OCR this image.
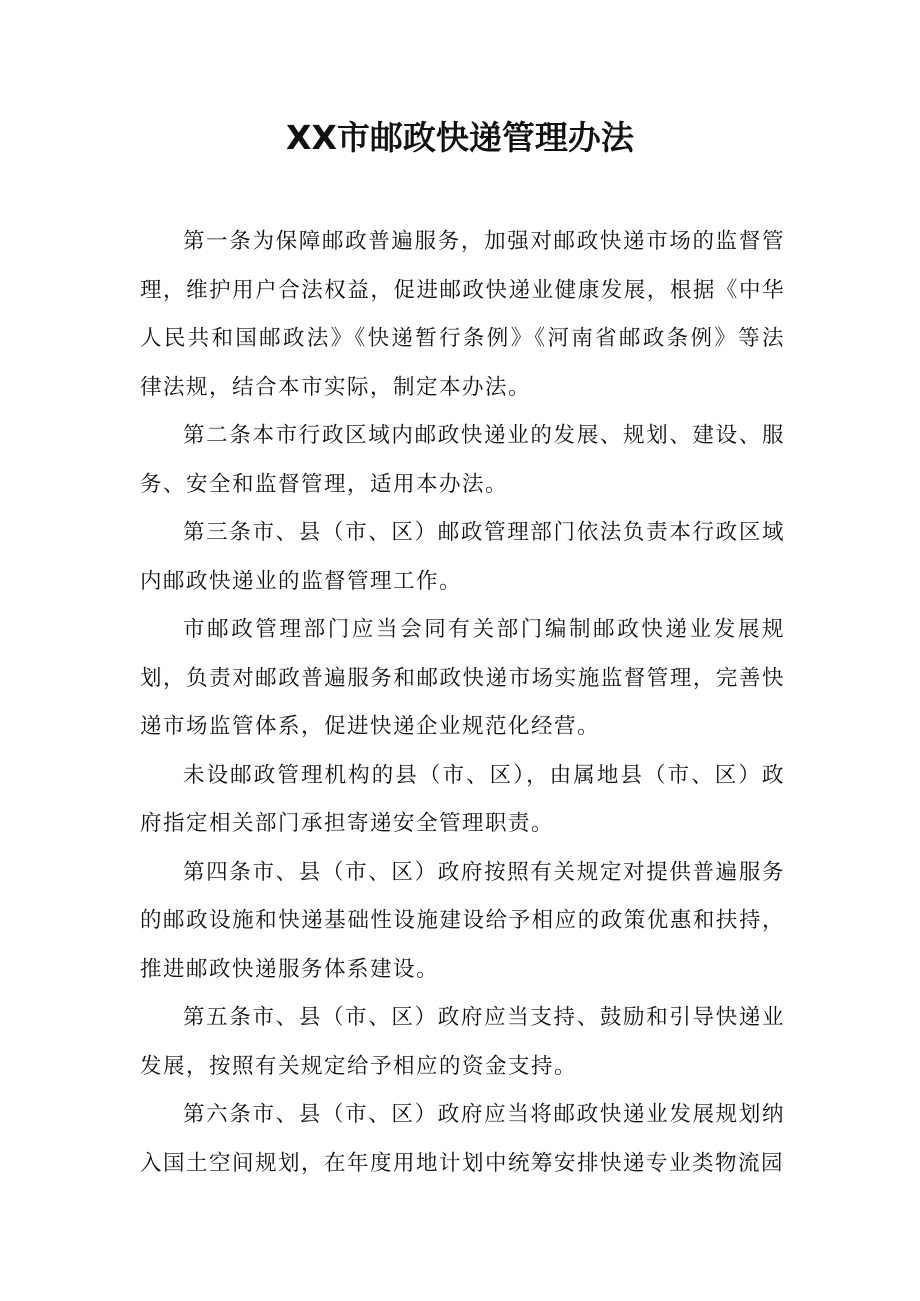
XX市邮政快递管理办法

第一条为保障邮政普遍服务，加强对邮政快递市场的监督管理，维护用户合法权益，促进邮政快递业健康发展，根据《中华人民共和国邮政法》《快递暂行条例》《河南省邮政条例》等法律法规，结合本市实际，制定本办法。

第二条本市行政区域内邮政快递业的发展、规划、建设、服务、安全和监督管理，适用本办法。

第三条市、县（市、区）邮政管理部门依法负责本行政区域内邮政快递业的监督管理工作。

市邮政管理部门应当会同有关部门编制邮政快递业发展规划，负责对邮政普遍服务和邮政快递市场实施监督管理，完善快递市场监管体系，促进快递企业规范化经营。

未设邮政管理机构的县（市、区），由属地县（市、区）政府指定相关部门承担寄递安全管理职责。

第四条市、县（市、区）政府按照有关规定对提供普遍服务的邮政设施和快递基础性设施建设给予相应的政策优惠和扶持，推进邮政快递服务体系建设。

第五条市、县（市、区）政府应当支持、鼓励和引导快递业发展，按照有关规定给予相应的资金支持。

第六条市、县（市、区）政府应当将邮政快递业发展规划纳入国土空间规划，在年度用地计划中统筹安排快递专业类物流园
